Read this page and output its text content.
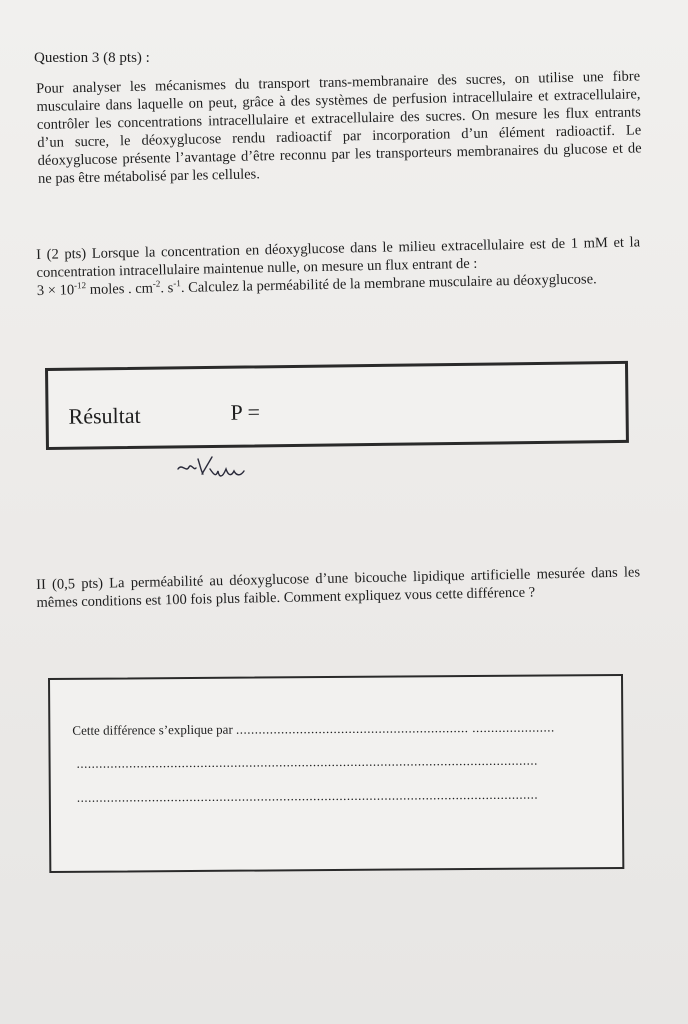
Question 3 (8 pts) :

Pour analyser les mécanismes du transport trans-membranaire des sucres, on utilise une fibre musculaire dans laquelle on peut, grâce à des systèmes de perfusion intracellulaire et extracellulaire, contrôler les concentrations intracellulaire et extracellulaire des sucres. On mesure les flux entrants d’un sucre, le déoxyglucose rendu radioactif par incorporation d’un élément radioactif. Le déoxyglucose présente l’avantage d’être reconnu par les transporteurs membranaires du glucose et de ne pas être métabolisé par les cellules.

I (2 pts) Lorsque la concentration en déoxyglucose dans le milieu extracellulaire est de 1 mM et la concentration intracellulaire maintenue nulle, on mesure un flux entrant de :
$3 \times 10^{-12}$ moles . $cm^{-2}$. $s^{-1}$. Calculez la perméabilité de la membrane musculaire au déoxyglucose.

Résultat	P =

II (0,5 pts) La perméabilité au déoxyglucose d’une bicouche lipidique artificielle mesurée dans les mêmes conditions est 100 fois plus faible. Comment expliquez vous cette différence ?

Cette différence s’explique par .............................................................. ......................
...........................................................................................................................
...........................................................................................................................
